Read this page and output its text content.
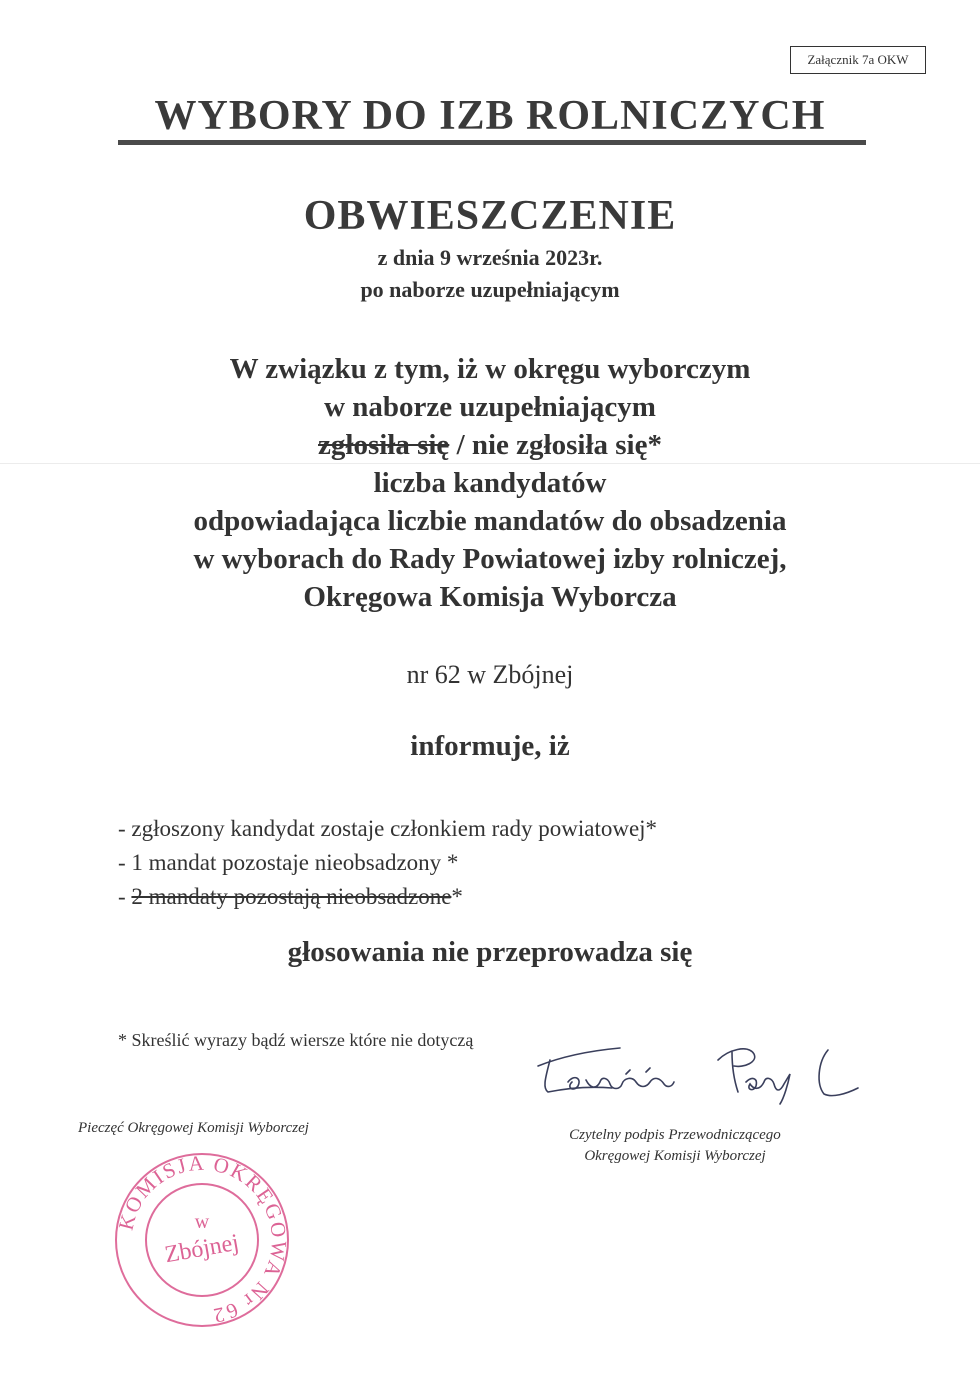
Załącznik 7a OKW
WYBORY DO IZB ROLNICZYCH
OBWIESZCZENIE
z dnia 9 września 2023r.
po naborze uzupełniającym
W związku z tym, iż w okręgu wyborczym
w naborze uzupełniającym
zgłosiła się / nie zgłosiła się*
liczba kandydatów
odpowiadająca liczbie mandatów do obsadzenia
w wyborach do Rady Powiatowej izby rolniczej,
Okręgowa Komisja Wyborcza
nr 62 w Zbójnej
informuje, iż
- zgłoszony kandydat zostaje członkiem rady powiatowej*
- 1 mandat pozostaje nieobsadzony *
- 2 mandaty pozostają nieobsadzone*
głosowania nie przeprowadza się
* Skreślić wyrazy bądź wiersze które nie dotyczą
Pieczęć Okręgowej Komisji Wyborczej	Czytelny podpis Przewodniczącego
Okręgowej Komisji Wyborczej
KOMISJA OKRĘGOWA Nr 62
w
Zbójnej
